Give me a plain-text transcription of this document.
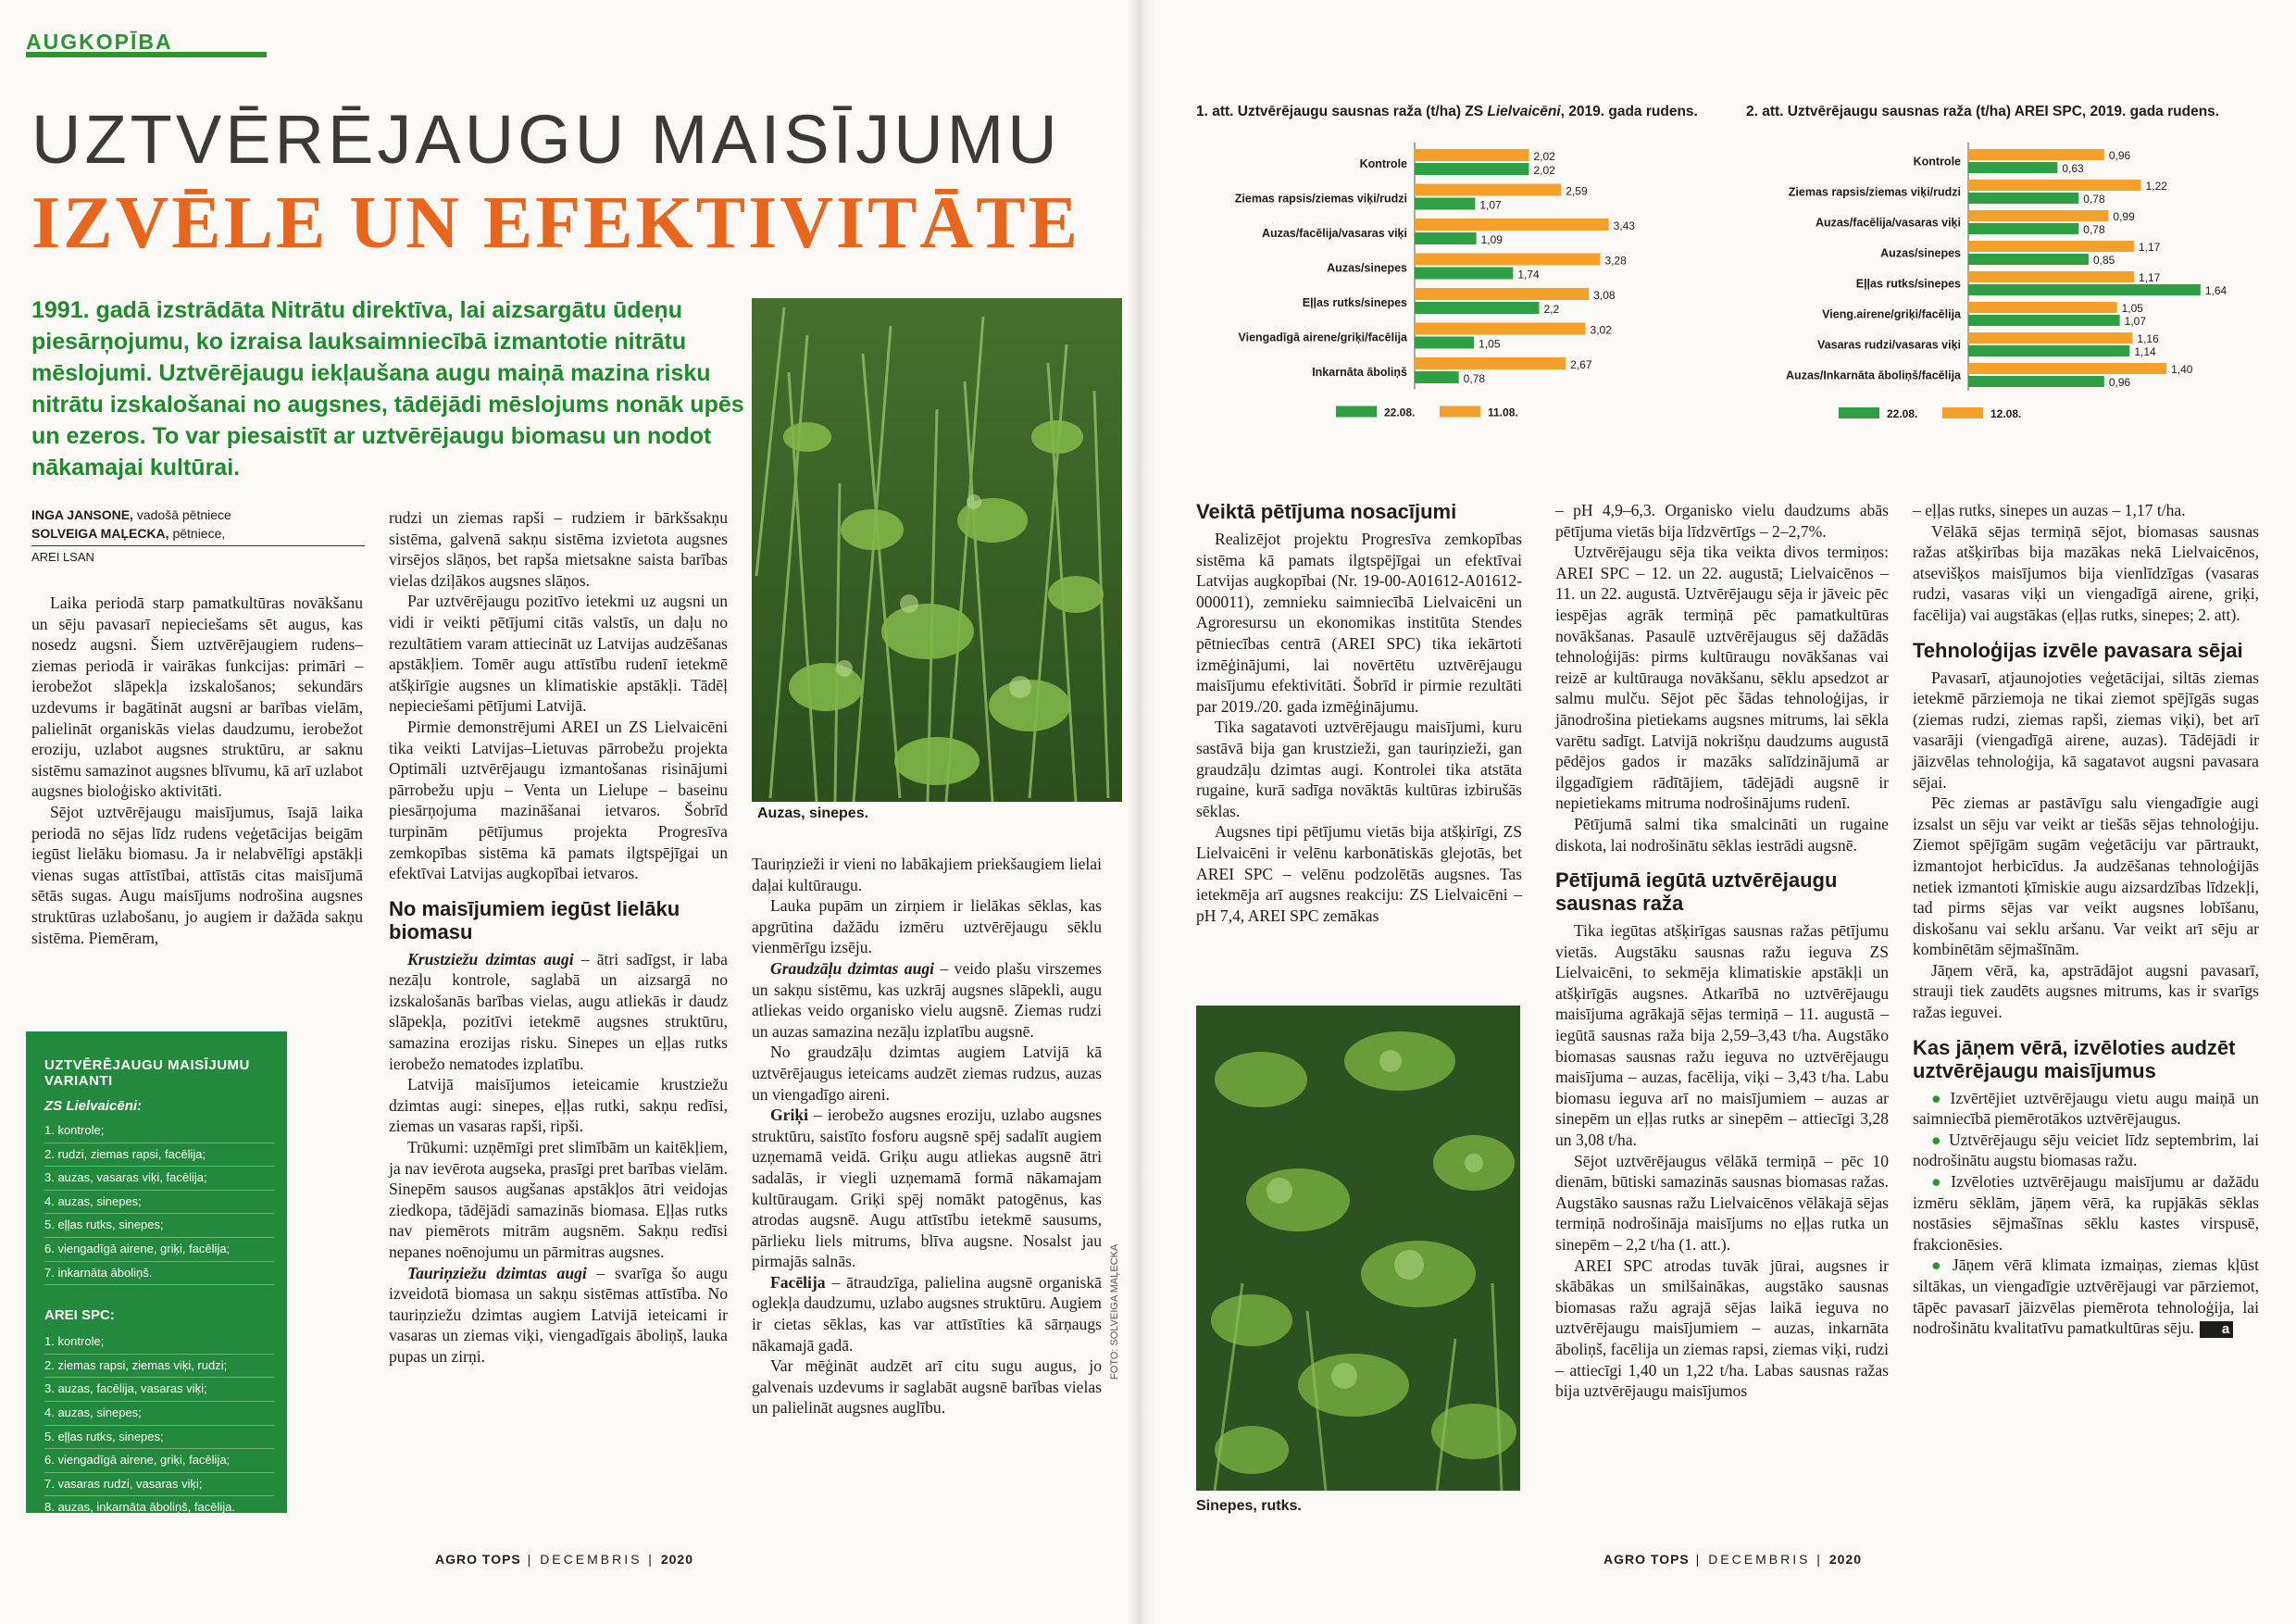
AUGKOPĪBA
UZTVĒRĒJAUGU MAISĪJUMU
IZVĒLE UN EFEKTIVITĀTE
1991. gadā izstrādāta Nitrātu direktīva, lai aizsargātu ūdeņu piesārņojumu, ko izraisa lauksaimniecībā izmantotie nitrātu mēslojumi. Uztvērējaugu iekļaušana augu maiņā mazina risku nitrātu izskalošanai no augsnes, tādējādi mēslojums nonāk upēs un ezeros. To var piesaistīt ar uztvērējaugu biomasu un nodot nākamajai kultūrai.
Auzas, sinepes.
INGA JANSONE, vadošā pētniece
SOLVEIGA MAĻECKA, pētniece,
AREI LSAN

Laika periodā starp pamatkultūras novākšanu un sēju pavasarī nepieciešams sēt augus, kas nosedz augsni. Šiem uztvērējaugiem rudens–ziemas periodā ir vairākas funkcijas: primāri – ierobežot slāpekļa izskalošanos; sekundārs uzdevums ir bagātināt augsni ar barības vielām, palielināt organiskās vielas daudzumu, ierobežot eroziju, uzlabot augsnes struktūru, ar saknu sistēmu samazinot augsnes blīvumu, kā arī uzlabot augsnes bioloģisko aktivitāti.

Sējot uztvērējaugu maisījumus, īsajā laika periodā no sējas līdz rudens veģetācijas beigām iegūst lielāku biomasu. Ja ir nelabvēlīgi apstākļi vienas sugas attīstībai, attīstās citas maisījumā sētās sugas. Augu maisījums nodrošina augsnes struktūras uzlabošanu, jo augiem ir dažāda sakņu sistēma. Piemēram,

UZTVĒRĒJAUGU MAISĪJUMU VARIANTI
ZS Lielvaicēni:
1. kontrole;
2. rudzi, ziemas rapsi, facēlija;
3. auzas, vasaras viķi, facēlija;
4. auzas, sinepes;
5. eļļas rutks, sinepes;
6. viengadīgā airene, griķi, facēlija;
7. inkarnāta āboliņš.
AREI SPC:
1. kontrole;
2. ziemas rapsi, ziemas viķi, rudzi;
3. auzas, facēlija, vasaras viķi;
4. auzas, sinepes;
5. eļļas rutks, sinepes;
6. viengadīgā airene, griķi, facēlija;
7. vasaras rudzi, vasaras viķi;
8. auzas, inkarnāta āboliņš, facēlija.

rudzi un ziemas rapši – rudziem ir bārkšsakņu sistēma, galvenā sakņu sistēma izvietota augsnes virsējos slāņos, bet rapša mietsakne saista barības vielas dziļākos augsnes slāņos.

Par uztvērējaugu pozitīvo ietekmi uz augsni un vidi ir veikti pētījumi citās valstīs, un daļu no rezultātiem varam attiecināt uz Latvijas audzēšanas apstākļiem. Tomēr augu attīstību rudenī ietekmē atšķirīgie augsnes un klimatiskie apstākļi. Tādēļ nepieciešami pētījumi Latvijā.

Pirmie demonstrējumi AREI un ZS Lielvaicēni tika veikti Latvijas–Lietuvas pārrobežu projekta Optimāli uztvērējaugu izmantošanas risinājumi pārrobežu upju – Venta un Lielupe – baseinu piesārņojuma mazināšanai ietvaros. Šobrīd turpinām pētījumus projekta Progresīva zemkopības sistēma kā pamats ilgtspējīgai un efektīvai Latvijas augkopībai ietvaros.

No maisījumiem iegūst lielāku biomasu

Krustziežu dzimtas augi – ātri sadīgst, ir laba nezāļu kontrole, saglabā un aizsargā no izskalošanās barības vielas, augu atliekās ir daudz slāpekļa, pozitīvi ietekmē augsnes struktūru, samazina erozijas risku. Sinepes un eļļas rutks ierobežo nematodes izplatību.

Latvijā maisījumos ieteicamie krustziežu dzimtas augi: sinepes, eļļas rutki, sakņu redīsi, ziemas un vasaras rapši, ripši.

Trūkumi: uzņēmīgi pret slimībām un kaitēkļiem, ja nav ievērota augseka, prasīgi pret barības vielām. Sinepēm sausos augšanas apstākļos ātri veidojas ziedkopa, tādējādi samazinās biomasa. Eļļas rutks nav piemērots mitrām augsnēm. Sakņu redīsi nepanes noēnojumu un pārmitras augsnes.

Tauriņziežu dzimtas augi – svarīga šo augu izveidotā biomasa un sakņu sistēmas attīstība. No tauriņziežu dzimtas augiem Latvijā ieteicami ir vasaras un ziemas viķi, viengadīgais āboliņš, lauka pupas un zirņi.

Tauriņzieži ir vieni no labākajiem priekšaugiem lielai daļai kultūraugu.

Lauka pupām un zirņiem ir lielākas sēklas, kas apgrūtina dažādu izmēru uztvērējaugu sēklu vienmērīgu izsēju.

Graudzāļu dzimtas augi – veido plašu virszemes un sakņu sistēmu, kas uzkrāj augsnes slāpekli, augu atliekas veido organisko vielu augsnē. Ziemas rudzi un auzas samazina nezāļu izplatību augsnē.

No graudzāļu dzimtas augiem Latvijā kā uztvērējaugus ieteicams audzēt ziemas rudzus, auzas un viengadīgo aireni.

Griķi – ierobežo augsnes eroziju, uzlabo augsnes struktūru, saistīto fosforu augsnē spēj sadalīt augiem uzņemamā veidā. Griķu augu atliekas augsnē ātri sadalās, ir viegli uzņemamā formā nākamajam kultūraugam. Griķi spēj nomākt patogēnus, kas atrodas augsnē. Augu attīstību ietekmē sausums, pārlieku liels mitrums, blīva augsne. Nosalst jau pirmajās salnās.

Facēlija – ātraudzīga, palielina augsnē organiskā oglekļa daudzumu, uzlabo augsnes struktūru. Augiem ir cietas sēklas, kas var attīstīties kā sārņaugs nākamajā gadā.

Var mēģināt audzēt arī citu sugu augus, jo galvenais uzdevums ir saglabāt augsnē barības vielas un palielināt augsnes auglību.

FOTO: SOLVEIGA MAĻECKA
AGRO TOPS | DECEMBRIS | 2020
1. att. Uztvērējaugu sausnas raža (t/ha) ZS Lielvaicēni, 2019. gada rudens.
Kontrole
2,02
2,02
Ziemas rapsis/ziemas viķi/rudzi
2,59
1,07
Auzas/facēlija/vasaras viķi
3,43
1,09
Auzas/sinepes
3,28
1,74
Eļļas rutks/sinepes
3,08
2,2
Viengadīgā airene/griķi/facēlija
3,02
1,05
Inkarnāta āboliņš
2,67
0,78
22.08.	11.08.
2. att. Uztvērējaugu sausnas raža (t/ha) AREI SPC, 2019. gada rudens.
Kontrole	0,96
0,63
Ziemas rapsis/ziemas viķi/rudzi	1,22
0,78
Auzas/facēlija/vasaras viķi	0,99
0,78
Auzas/sinepes	1,17
0,85
Eļļas rutks/sinepes	1,17
1,64
Vieng.airene/griķi/facēlija	1,05
1,07
Vasaras rudzi/vasaras viķi	1,16
1,14
Auzas/Inkarnāta āboliņš/facēlija	1,40
0,96
22.08.	12.08.
Veiktā pētījuma nosacījumi

Realizējot projektu Progresīva zemkopības sistēma kā pamats ilgtspējīgai un efektīvai Latvijas augkopībai (Nr. 19-00-A01612-A01612-000011), zemnieku saimniecībā Lielvaicēni un Agroresursu un ekonomikas institūta Stendes pētniecības centrā (AREI SPC) tika iekārtoti izmēģinājumi, lai novērtētu uztvērējaugu maisījumu efektivitāti. Šobrīd ir pirmie rezultāti par 2019./20. gada izmēģinājumu.

Tika sagatavoti uztvērējaugu maisījumi, kuru sastāvā bija gan krustzieži, gan tauriņzieži, gan graudzāļu dzimtas augi. Kontrolei tika atstāta rugaine, kurā sadīga novāktās kultūras izbirušās sēklas.

Augsnes tipi pētījumu vietās bija atšķirīgi, ZS Lielvaicēni ir velēnu karbonātiskās glejotās, bet AREI SPC – velēnu podzolētās augsnes. Tas ietekmēja arī augsnes reakciju: ZS Lielvaicēni – pH 7,4, AREI SPC zemākas

Sinepes, rutks.

– pH 4,9–6,3. Organisko vielu daudzums abās pētījuma vietās bija līdzvērtīgs – 2–2,7%.

Uztvērējaugu sēja tika veikta divos termiņos: AREI SPC – 12. un 22. augustā; Lielvaicēnos – 11. un 22. augustā. Uztvērējaugu sēja ir jāveic pēc iespējas agrāk termiņā pēc pamatkultūras novākšanas. Pasaulē uztvērējaugus sēj dažādās tehnoloģijās: pirms kultūraugu novākšanas vai reizē ar kultūrauga novākšanu, sēklu apsedzot ar salmu mulču. Sējot pēc šādas tehnoloģijas, ir jānodrošina pietiekams augsnes mitrums, lai sēkla varētu sadīgt. Latvijā nokrišņu daudzums augustā pēdējos gados ir mazāks salīdzinājumā ar ilggadīgiem rādītājiem, tādējādi augsnē ir nepietiekams mitruma nodrošinājums rudenī.

Pētījumā salmi tika smalcināti un rugaine diskota, lai nodrošinātu sēklas iestrādi augsnē.

Pētījumā iegūtā uztvērējaugu sausnas raža

Tika iegūtas atšķirīgas sausnas ražas pētījumu vietās. Augstāku sausnas ražu ieguva ZS Lielvaicēni, to sekmēja klimatiskie apstākļi un atšķirīgās augsnes. Atkarībā no uztvērējaugu maisījuma agrākajā sējas termiņā – 11. augustā – iegūtā sausnas raža bija 2,59–3,43 t/ha. Augstāko biomasas sausnas ražu ieguva no uztvērējaugu maisījuma – auzas, facēlija, viķi – 3,43 t/ha. Labu biomasu ieguva arī no maisījumiem – auzas ar sinepēm un eļļas rutks ar sinepēm – attiecīgi 3,28 un 3,08 t/ha.

Sējot uztvērējaugus vēlākā termiņā – pēc 10 dienām, būtiski samazinās sausnas biomasas ražas. Augstāko sausnas ražu Lielvaicēnos vēlākajā sējas termiņā nodrošināja maisījums no eļļas rutka un sinepēm – 2,2 t/ha (1. att.).

AREI SPC atrodas tuvāk jūrai, augsnes ir skābākas un smilšainākas, augstāko sausnas biomasas ražu agrajā sējas laikā ieguva no uztvērējaugu maisījumiem – auzas, inkarnāta āboliņš, facēlija un ziemas rapsi, ziemas viķi, rudzi – attiecīgi 1,40 un 1,22 t/ha. Labas sausnas ražas bija uztvērējaugu maisījumos

– eļļas rutks, sinepes un auzas – 1,17 t/ha.

Vēlākā sējas termiņā sējot, biomasas sausnas ražas atšķirības bija mazākas nekā Lielvaicēnos, atsevišķos maisījumos bija vienlīdzīgas (vasaras rudzi, vasaras viķi un viengadīgā airene, griķi, facēlija) vai augstākas (eļļas rutks, sinepes; 2. att).

Tehnoloģijas izvēle pavasara sējai

Pavasarī, atjaunojoties veģetācijai, siltās ziemas ietekmē pārziemoja ne tikai ziemot spējīgās sugas (ziemas rudzi, ziemas rapši, ziemas viķi), bet arī vasarāji (viengadīgā airene, auzas). Tādējādi ir jāizvēlas tehnoloģija, kā sagatavot augsni pavasara sējai.

Pēc ziemas ar pastāvīgu salu viengadīgie augi izsalst un sēju var veikt ar tiešās sējas tehnoloģiju. Ziemot spējīgām sugām veģetāciju var pārtraukt, izmantojot herbicīdus. Ja audzēšanas tehnoloģijās netiek izmantoti ķīmiskie augu aizsardzības līdzekļi, tad pirms sējas var veikt augsnes lobīšanu, diskošanu vai seklu aršanu. Var veikt arī sēju ar kombinētām sējmašīnām.

Jāņem vērā, ka, apstrādājot augsni pavasarī, strauji tiek zaudēts augsnes mitrums, kas ir svarīgs ražas ieguvei.

Kas jāņem vērā, izvēloties audzēt uztvērējaugu maisījumus

● Izvērtējiet uztvērējaugu vietu augu maiņā un saimniecībā piemērotākos uztvērējaugus.

● Uztvērējaugu sēju veiciet līdz septembrim, lai nodrošinātu augstu biomasas ražu.

● Izvēloties uztvērējaugu maisījumu ar dažādu izmēru sēklām, jāņem vērā, ka rupjākās sēklas nostāsies sējmašīnas sēklu kastes virspusē, frakcionēsies.

● Jāņem vērā klimata izmaiņas, ziemas kļūst siltākas, un viengadīgie uztvērējaugi var pārziemot, tāpēc pavasarī jāizvēlas piemērota tehnoloģija, lai nodrošinātu kvalitatīvu pamatkultūras sēju. a

AGRO TOPS | DECEMBRIS | 2020
